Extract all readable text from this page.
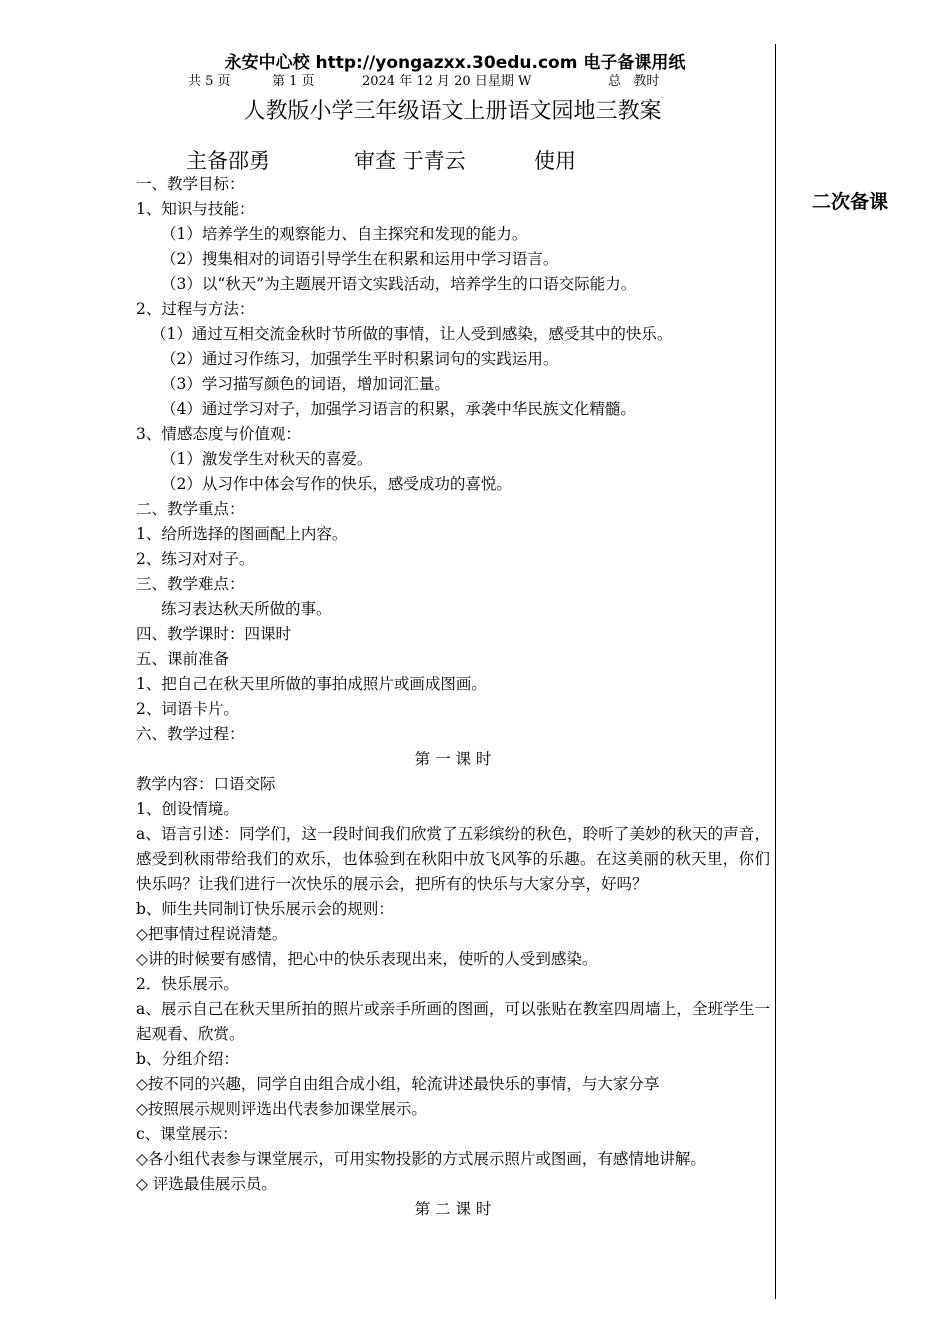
永安中心校 http://yongazxx.30edu.com 电子备课用纸
共 5 页	第 1 页	2024 年 12 月 20 日星期 W	总   教时
人教版小学三年级语文上册语文园地三教案
主备邵勇	审查 于青云	使用
二次备课
一、教学目标：
1、知识与技能：
（1）培养学生的观察能力、自主探究和发现的能力。
（2）搜集相对的词语引导学生在积累和运用中学习语言。
（3）以“秋天”为主题展开语文实践活动，培养学生的口语交际能力。
2、过程与方法：
（1）通过互相交流金秋时节所做的事情，让人受到感染，感受其中的快乐。
（2）通过习作练习，加强学生平时积累词句的实践运用。
（3）学习描写颜色的词语，增加词汇量。
（4）通过学习对子，加强学习语言的积累，承袭中华民族文化精髓。
3、情感态度与价值观：
（1）激发学生对秋天的喜爱。
（2）从习作中体会写作的快乐，感受成功的喜悦。
二、教学重点：
1、给所选择的图画配上内容。
2、练习对对子。
三、教学难点：
练习表达秋天所做的事。
四、教学课时：四课时
五、课前准备
1、把自己在秋天里所做的事拍成照片或画成图画。
2、词语卡片。
六、教学过程：
第 一 课 时
教学内容：口语交际
1、创设情境。
a、语言引述：同学们，这一段时间我们欣赏了五彩缤纷的秋色，聆听了美妙的秋天的声音，感受到秋雨带给我们的欢乐，也体验到在秋阳中放飞风筝的乐趣。在这美丽的秋天里，你们快乐吗？让我们进行一次快乐的展示会，把所有的快乐与大家分享，好吗？
b、师生共同制订快乐展示会的规则：
◇把事情过程说清楚。
◇讲的时候要有感情，把心中的快乐表现出来，使听的人受到感染。
2．快乐展示。
a、展示自己在秋天里所拍的照片或亲手所画的图画，可以张贴在教室四周墙上，全班学生一起观看、欣赏。
b、分组介绍：
◇按不同的兴趣，同学自由组合成小组，轮流讲述最快乐的事情，与大家分享
◇按照展示规则评选出代表参加课堂展示。
c、课堂展示：
◇各小组代表参与课堂展示，可用实物投影的方式展示照片或图画，有感情地讲解。
◇ 评选最佳展示员。
第 二 课 时
